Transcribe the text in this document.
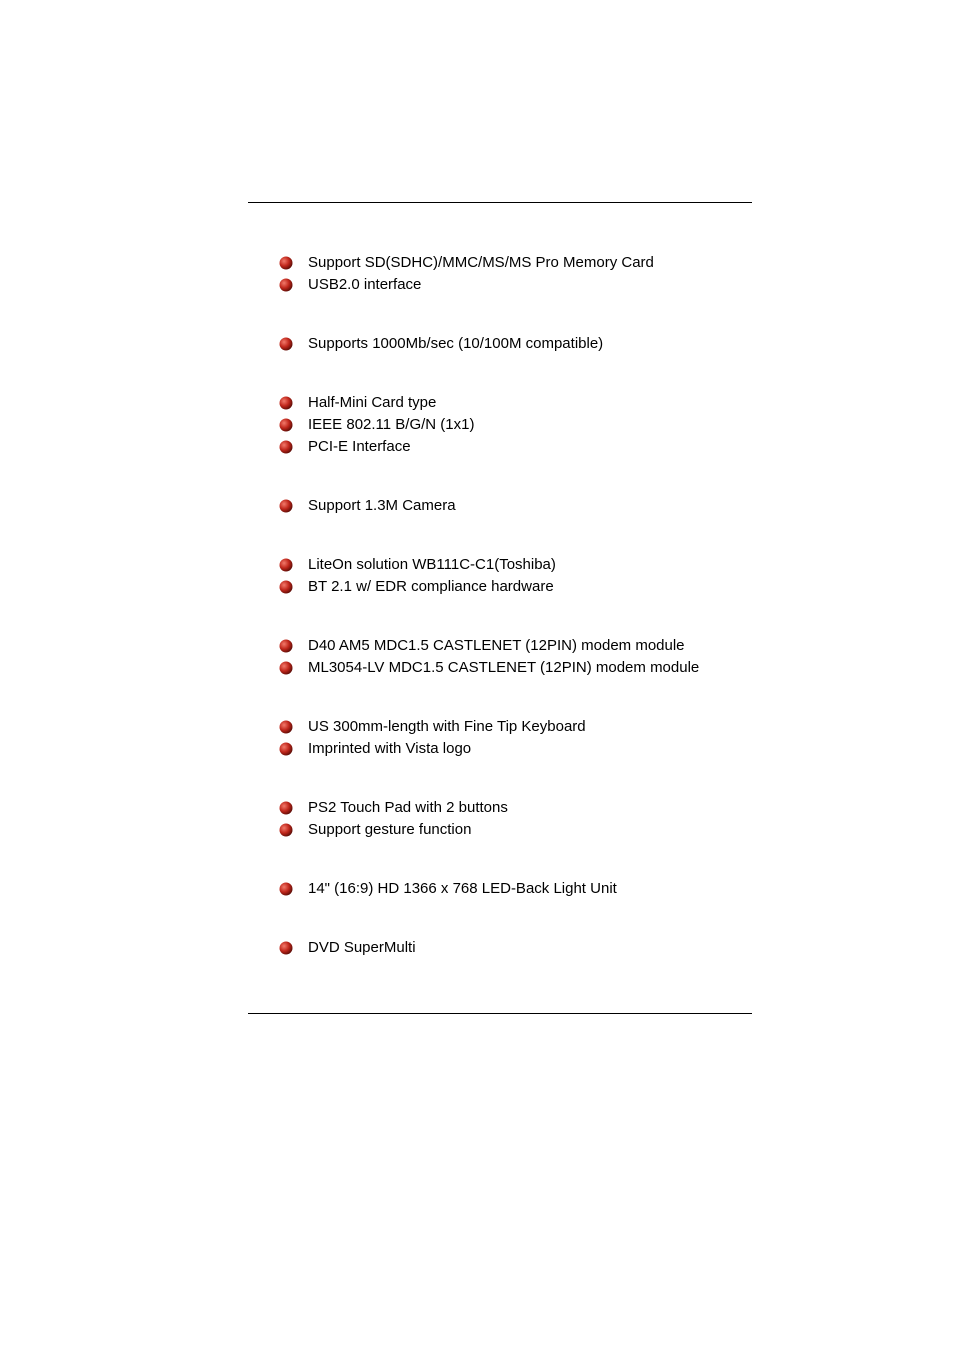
Support SD(SDHC)/MMC/MS/MS Pro Memory Card
USB2.0 interface
Supports 1000Mb/sec (10/100M compatible)
Half-Mini Card type
IEEE 802.11 B/G/N (1x1)
PCI-E Interface
Support 1.3M Camera
LiteOn solution WB111C-C1(Toshiba)
BT 2.1 w/ EDR compliance hardware
D40 AM5 MDC1.5 CASTLENET (12PIN) modem module
ML3054-LV MDC1.5 CASTLENET (12PIN) modem module
US 300mm-length with Fine Tip Keyboard
Imprinted with Vista logo
PS2 Touch Pad with 2 buttons
Support gesture function
14" (16:9) HD 1366 x 768 LED-Back Light Unit
DVD SuperMulti
